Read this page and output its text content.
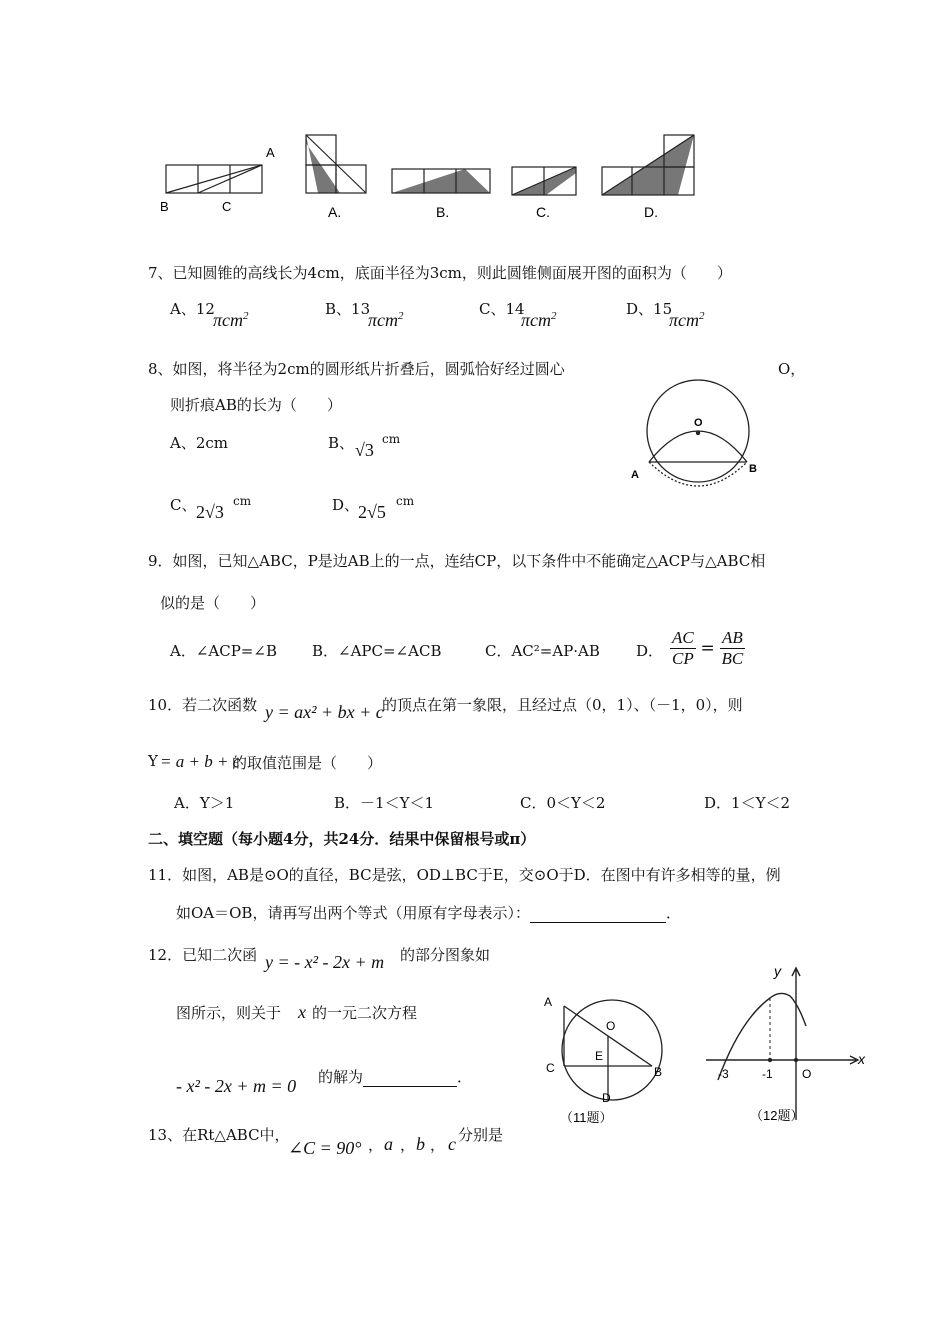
A
B	C	A.	B.	C.	D.
7、已知圆锥的高线长为4cm，底面半径为3cm，则此圆锥侧面展开图的面积为（　　）
A、12
πcm$^2$	B、13
πcm$^2$	C、14
πcm$^2$	D、15
πcm$^2$
8、如图，将半径为2cm的圆形纸片折叠后，圆弧恰好经过圆心	O，
则折痕AB的长为（　　）
A、2cm	B、 √3
cm
C、 2√3
cm	D、
2√5
cm
O
A	B
9．如图，已知△ABC，P是边AB上的一点，连结CP，以下条件中不能确定△ACP与△ABC相
似的是（　　）
A．∠ACP=∠B B．∠APC=∠ACB	C．AC²=AP·AB D． $\frac{AC}{CP} = \frac{AB}{BC}$
10．若二次函数 y = ax² + bx + c
的顶点在第一象限，且经过点（0，1）、（－1，0），则
Y = a + b + c
的取值范围是（　　）
A．Y＞1	B．－1＜Y＜1	C．0＜Y＜2	D．1＜Y＜2
二、填空题（每小题4分，共24分．结果中保留根号或π）
11．如图，AB是⊙O的直径，BC是弦，OD⊥BC于E，交⊙O于D．在图中有许多相等的量，例
如OA＝OB，请再写出两个等式（用原有字母表示）：	．
12．已知二次函 y = - x² - 2x + m 的部分图象如
图所示，则关于 x 的一元二次方程
- x² - 2x + m = 0 的解为	．
A
O
E
C	B
D
（11题）
y
x
-3	-1 O
（12题）
13、在Rt△ABC中，
∠C = 90° ， a ， b ， c 分别是
